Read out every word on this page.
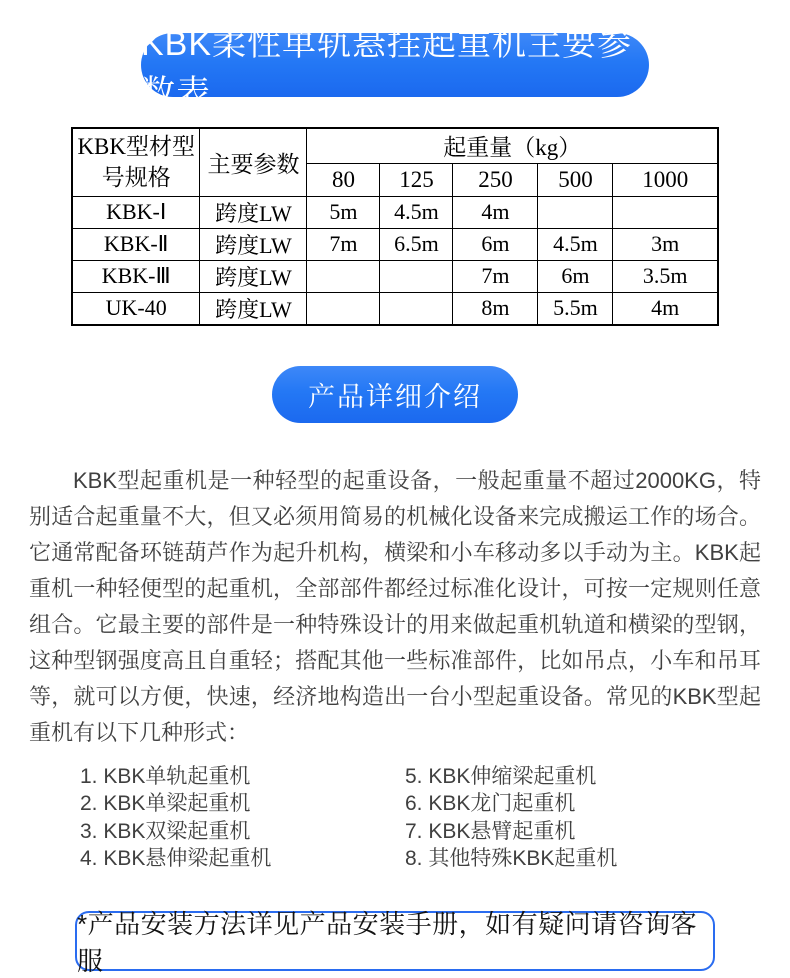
KBK柔性单轨悬挂起重机主要参数表
KBK型材型
号规格	主要参数	起重量（kg）				
		80	125	250	500	1000
KBK-Ⅰ	跨度LW	5m	4.5m	4m		
KBK-Ⅱ	跨度LW	7m	6.5m	6m	4.5m	3m
KBK-Ⅲ	跨度LW			7m	6m	3.5m
UK-40	跨度LW			8m	5.5m	4m
产品详细介绍

KBK型起重机是一种轻型的起重设备，一般起重量不超过2000KG，特别适合起重量不大，但又必须用简易的机械化设备来完成搬运工作的场合。它通常配备环链葫芦作为起升机构，横梁和小车移动多以手动为主。KBK起重机一种轻便型的起重机，全部部件都经过标准化设计，可按一定规则任意组合。它最主要的部件是一种特殊设计的用来做起重机轨道和横梁的型钢，这种型钢强度高且自重轻；搭配其他一些标准部件，比如吊点，小车和吊耳等，就可以方便，快速，经济地构造出一台小型起重设备。常见的KBK型起重机有以下几种形式：

1. KBK单轨起重机
2. KBK单梁起重机
3. KBK双梁起重机
4. KBK悬伸梁起重机
5. KBK伸缩梁起重机
6. KBK龙门起重机
7. KBK悬臂起重机
8. 其他特殊KBK起重机
*产品安装方法详见产品安装手册，如有疑问请咨询客服
